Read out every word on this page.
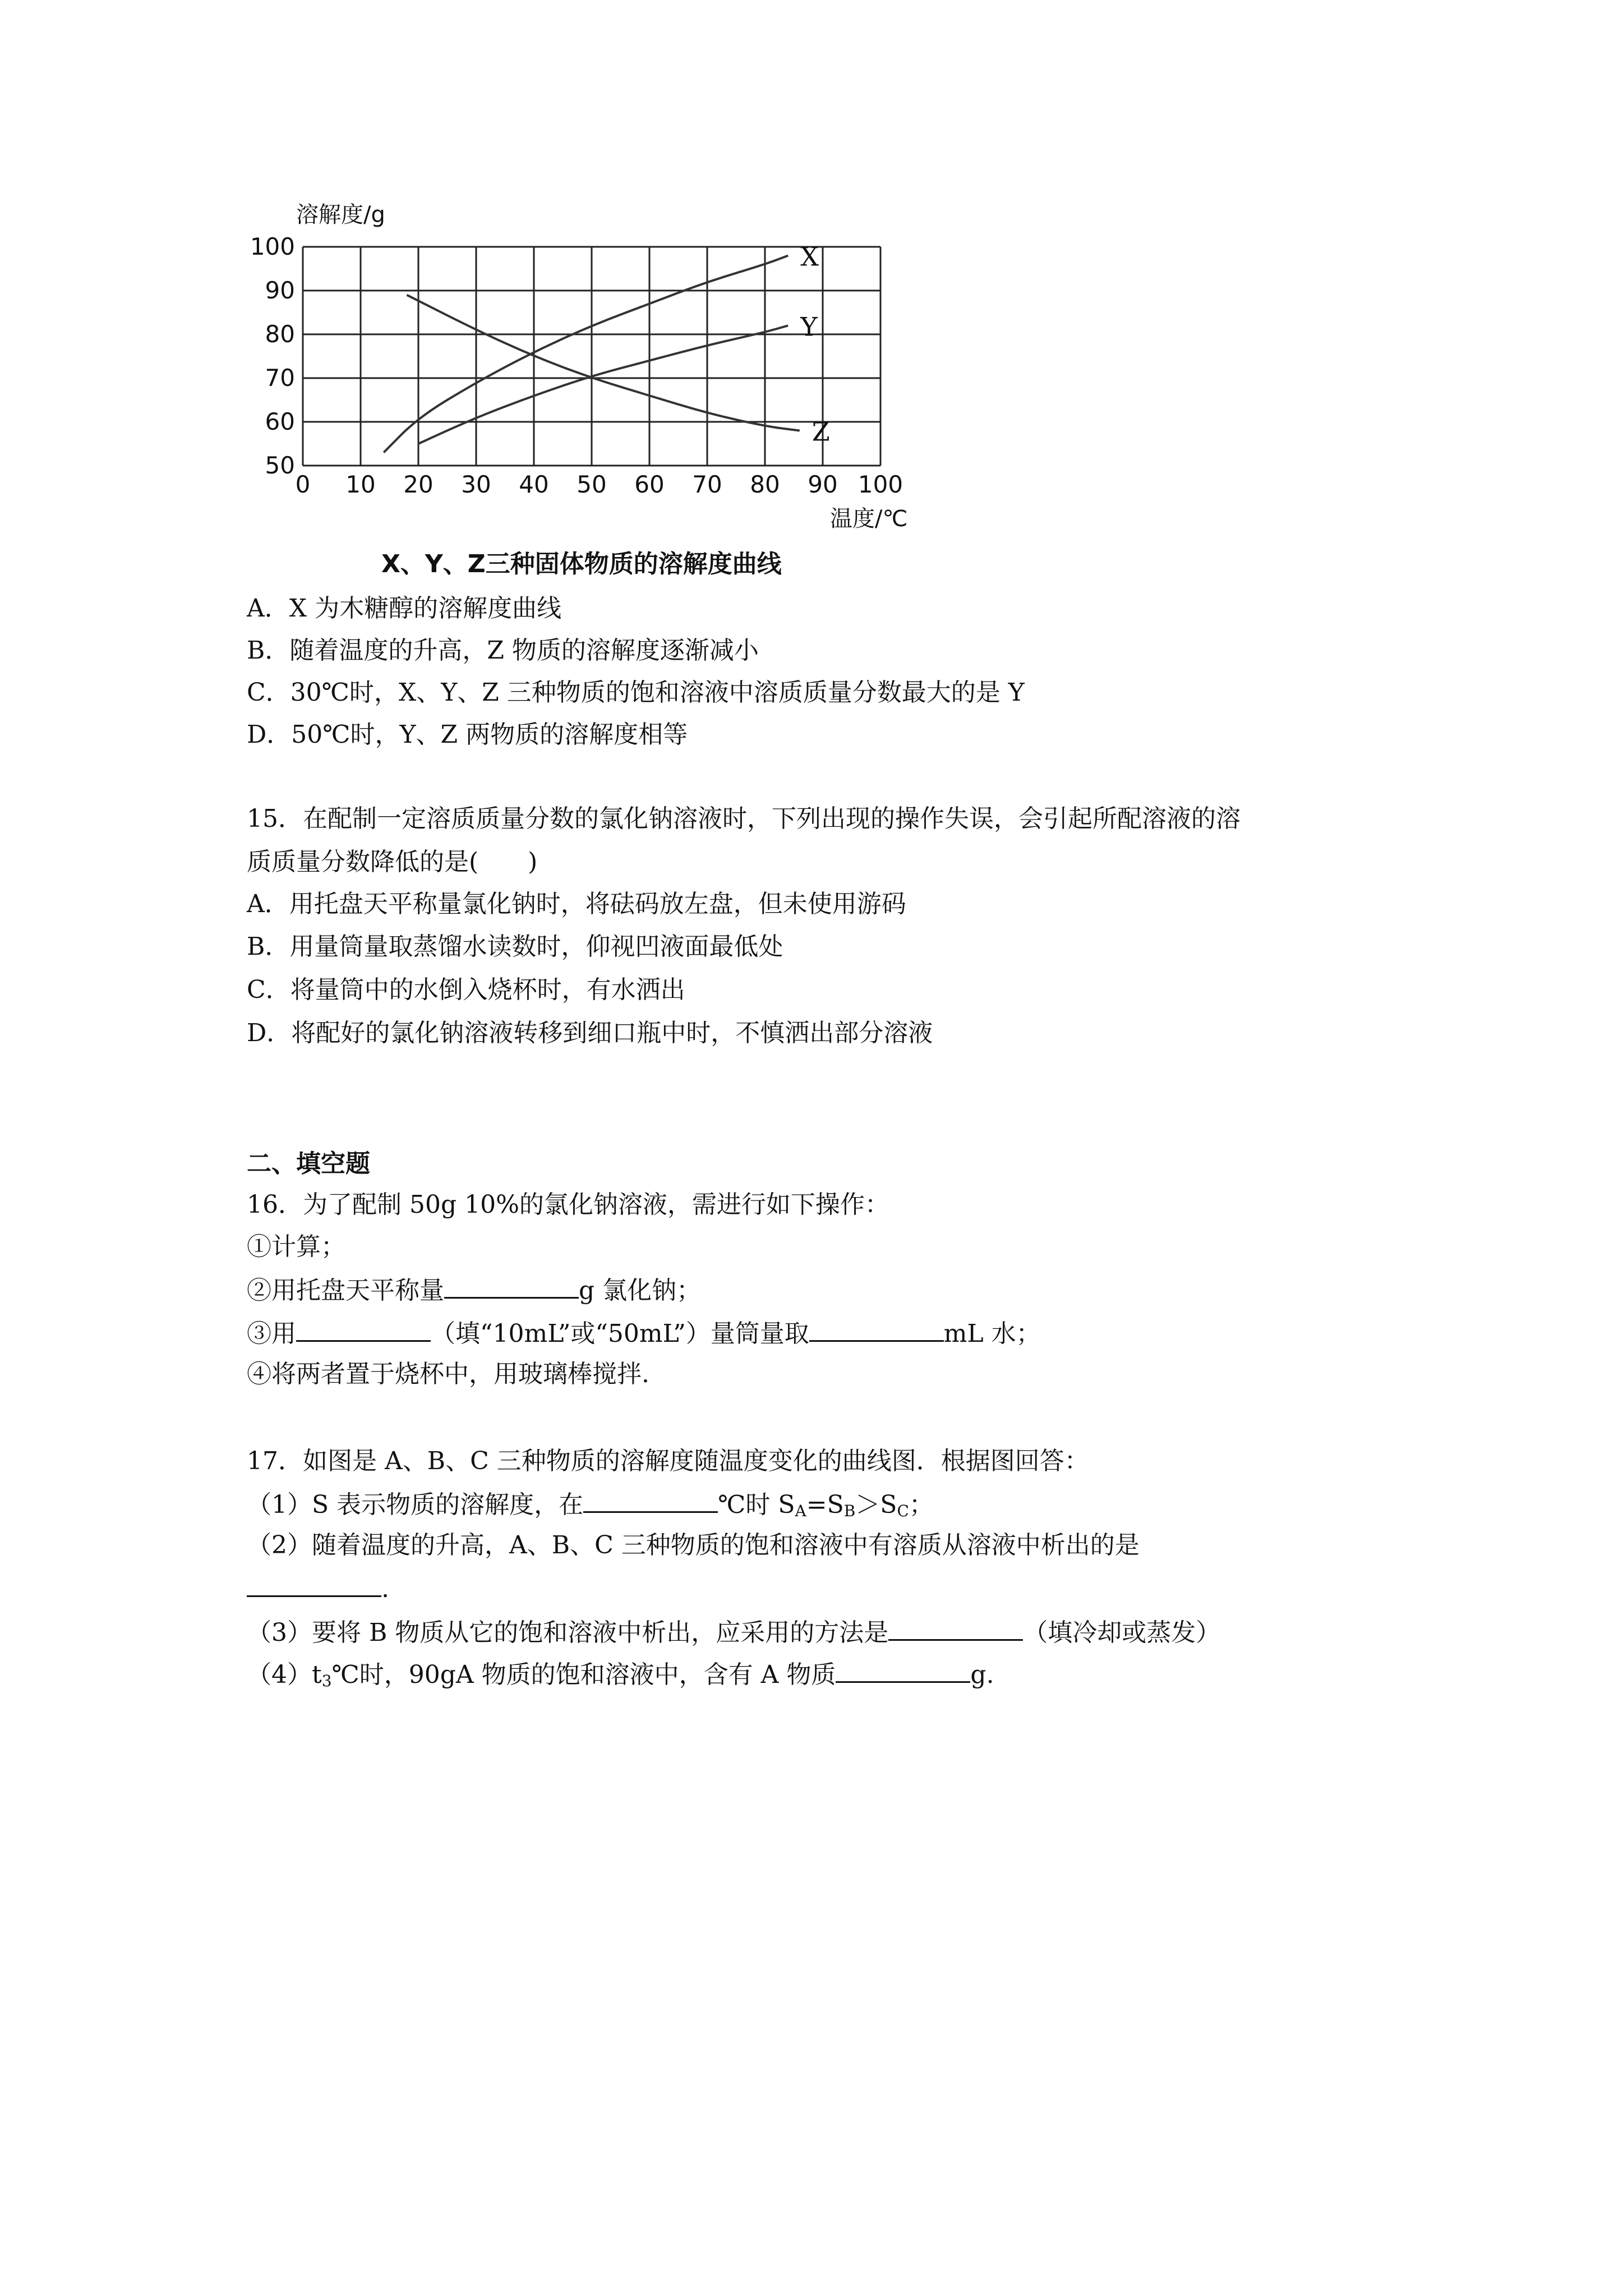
X
Y
Z
0 10 20 30 40 50 60 70 80 90 100
50
60
70
80
90
100
溶解度/g
温度/℃
X、Y、Z三种固体物质的溶解度曲线
A．X 为木糖醇的溶解度曲线
B．随着温度的升高，Z 物质的溶解度逐渐减小
C．30℃时，X、Y、Z 三种物质的饱和溶液中溶质质量分数最大的是 Y
D．50℃时，Y、Z 两物质的溶解度相等
15．在配制一定溶质质量分数的氯化钠溶液时，下列出现的操作失误，会引起所配溶液的溶
质质量分数降低的是(　　)
A．用托盘天平称量氯化钠时，将砝码放左盘，但未使用游码
B．用量筒量取蒸馏水读数时，仰视凹液面最低处
C．将量筒中的水倒入烧杯时，有水洒出
D．将配好的氯化钠溶液转移到细口瓶中时，不慎洒出部分溶液
二、填空题
16．为了配制 50g 10%的氯化钠溶液，需进行如下操作：
①计算；
②用托盘天平称量	g 氯化钠；
③用	（填“10mL”或“50mL”）量筒量取	mL 水；
④将两者置于烧杯中，用玻璃棒搅拌.
17．如图是 A、B、C 三种物质的溶解度随温度变化的曲线图．根据图回答：
（1）S 表示物质的溶解度，在	℃时 $S_A=S_B>S_C$；
（2）随着温度的升高，A、B、C 三种物质的饱和溶液中有溶质从溶液中析出的是
.
（3）要将 B 物质从它的饱和溶液中析出，应采用的方法是	（填冷却或蒸发）
$(4)t_3℃$时，90gA 物质的饱和溶液中，含有 A 物质	g.
